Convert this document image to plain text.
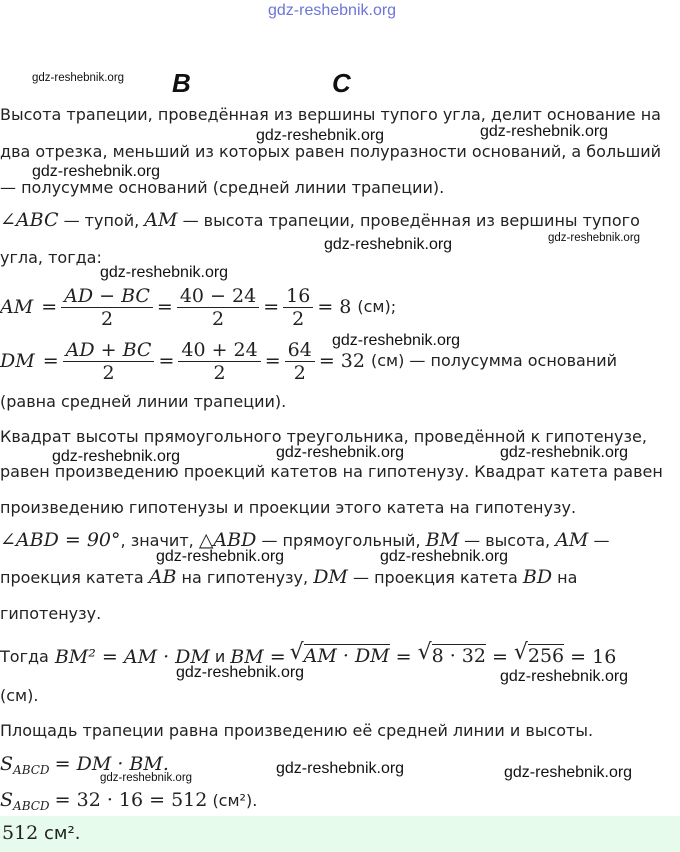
gdz-reshebnik.org
gdz-reshebnik.org
gdz-reshebnik.org	gdz-reshebnik.org
gdz-reshebnik.org
gdz-reshebnik.org	gdz-reshebnik.org
gdz-reshebnik.org
gdz-reshebnik.org
gdz-reshebnik.org	gdz-reshebnik.org	gdz-reshebnik.org
gdz-reshebnik.org	gdz-reshebnik.org
gdz-reshebnik.org	gdz-reshebnik.org
gdz-reshebnik.org	gdz-reshebnik.org
gdz-reshebnik.org
B	C
Высота трапеции, проведённая из вершины тупого угла, делит основание на
два отрезка, меньший из которых равен полуразности оснований, а больший
— полусумме оснований (средней линии трапеции).
∠ABC — тупой, AM — высота трапеции, проведённая из вершины тупого
угла, тогда:
AM = $\frac{AD - BC}{2} = \frac{40 - 24}{2} = \frac{16}{2} = 8$ (см);
DM = $\frac{AD + BC}{2} = \frac{40 + 24}{2} = \frac{64}{2} = 32$ (см) — полусумма оснований
(равна средней линии трапеции).
Квадрат высоты прямоугольного треугольника, проведённой к гипотенузе,
равен произведению проекций катетов на гипотенузу. Квадрат катета равен
произведению гипотенузы и проекции этого катета на гипотенузу.
∠ABD = 90°, значит, △ABD — прямоугольный, BM — высота, AM —
проекция катета AB на гипотенузу, DM — проекция катета BD на
гипотенузу.
Тогда BM² = AM · DM и BM = √ AM · DM = √ 8 · 32 = √ 256 = 16
(см).
Площадь трапеции равна произведению её средней линии и высоты.
$S_{ABCD}$ = DM · BM.
$S_{ABCD} = 32 \cdot 16 = 512$ (см²).
512 см².
